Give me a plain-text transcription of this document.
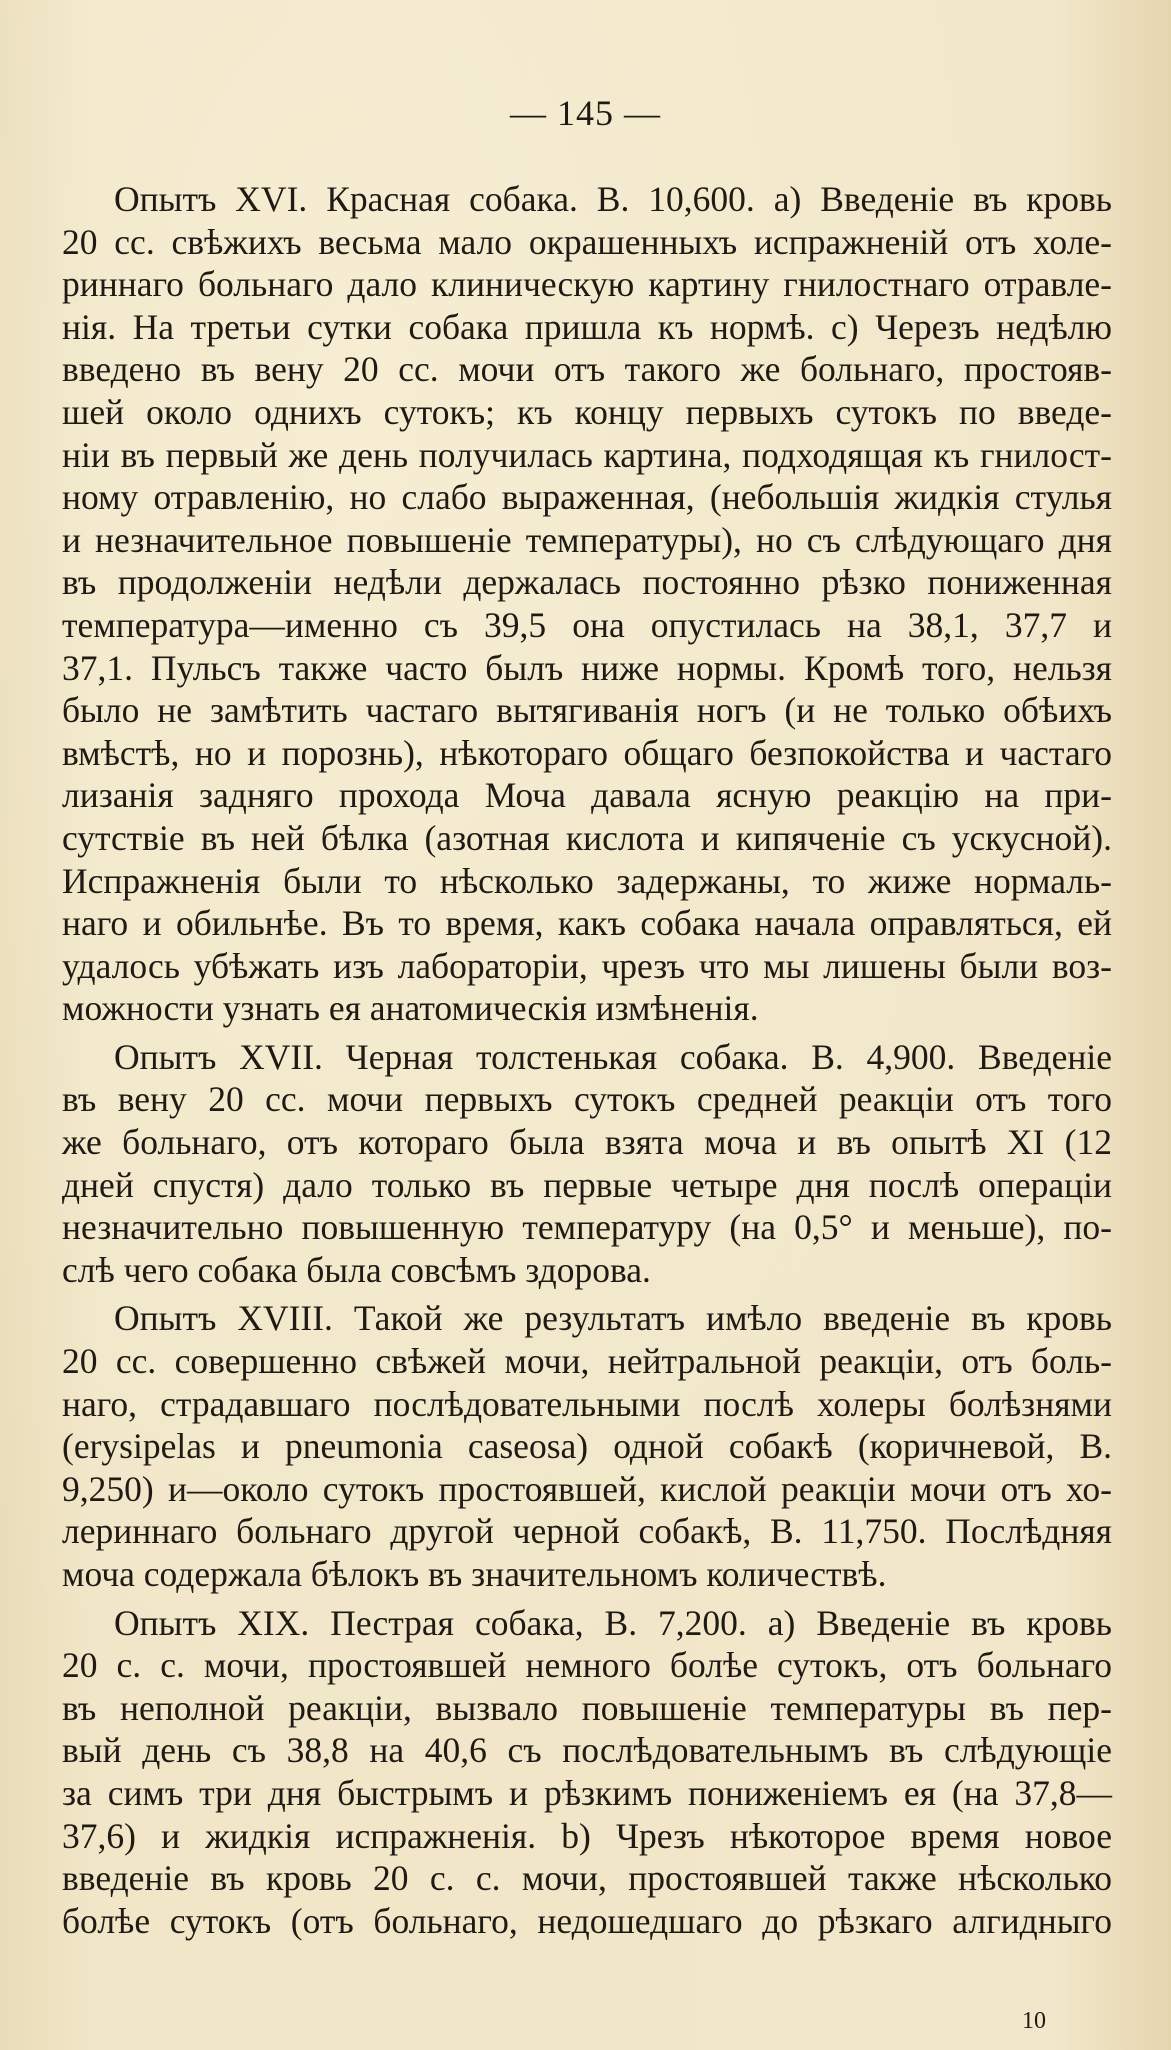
— 145 —
Опытъ XVI. Красная собака. В. 10,600. a) Введеніе въ кровь
20 сс. свѣжихъ весьма мало окрашенныхъ испражненій отъ холе-
риннаго больнаго дало клиническую картину гнилостнаго отравле-
нія. На третьи сутки собака пришла къ нормѣ. c) Черезъ недѣлю
введено въ вену 20 сс. мочи отъ такого же больнаго, простояв-
шей около однихъ сутокъ; къ концу первыхъ сутокъ по введе-
ніи въ первый же день получилась картина, подходящая къ гнилост-
ному отравленію, но слабо выраженная, (небольшія жидкія стулья
и незначительное повышеніе температуры), но съ слѣдующаго дня
въ продолженіи недѣли держалась постоянно рѣзко пониженная
температура—именно съ 39,5 она опустилась на 38,1, 37,7 и
37,1. Пульсъ также часто былъ ниже нормы. Кромѣ того, нельзя
было не замѣтить частаго вытягиванія ногъ (и не только обѣихъ
вмѣстѣ, но и порознь), нѣкотораго общаго безпокойства и частаго
лизанія задняго прохода Моча давала ясную реакцію на при-
сутствіе въ ней бѣлка (азотная кислота и кипяченіе съ ускусной).
Испражненія были то нѣсколько задержаны, то жиже нормаль-
наго и обильнѣе. Въ то время, какъ собака начала оправляться, ей
удалось убѣжать изъ лабораторіи, чрезъ что мы лишены были воз-
можности узнать ея анатомическія измѣненія.
Опытъ XVII. Черная толстенькая собака. В. 4,900. Введеніе
въ вену 20 сс. мочи первыхъ сутокъ средней реакціи отъ того
же больнаго, отъ котораго была взята моча и въ опытѣ XI (12
дней спустя) дало только въ первые четыре дня послѣ операціи
незначительно повышенную температуру (на 0,5° и меньше), по-
слѣ чего собака была совсѣмъ здорова.
Опытъ XVIII. Такой же результатъ имѣло введеніе въ кровь
20 сс. совершенно свѣжей мочи, нейтральной реакціи, отъ боль-
наго, страдавшаго послѣдовательными послѣ холеры болѣзнями
(erysipelas и pneumonia caseosa) одной собакѣ (коричневой, В.
9,250) и—около сутокъ простоявшей, кислой реакціи мочи отъ хо-
лериннаго больнаго другой черной собакѣ, В. 11,750. Послѣдняя
моча содержала бѣлокъ въ значительномъ количествѣ.
Опытъ XIX. Пестрая собака, В. 7,200. a) Введеніе въ кровь
20 с. с. мочи, простоявшей немного болѣе сутокъ, отъ больнаго
въ неполной реакціи, вызвало повышеніе температуры въ пер-
вый день съ 38,8 на 40,6 съ послѣдовательнымъ въ слѣдующіе
за симъ три дня быстрымъ и рѣзкимъ пониженіемъ ея (на 37,8—
37,6) и жидкія испражненія. b) Чрезъ нѣкоторое время новое
введеніе въ кровь 20 с. с. мочи, простоявшей также нѣсколько
болѣе сутокъ (отъ больнаго, недошедшаго до рѣзкаго алгидныго
10
